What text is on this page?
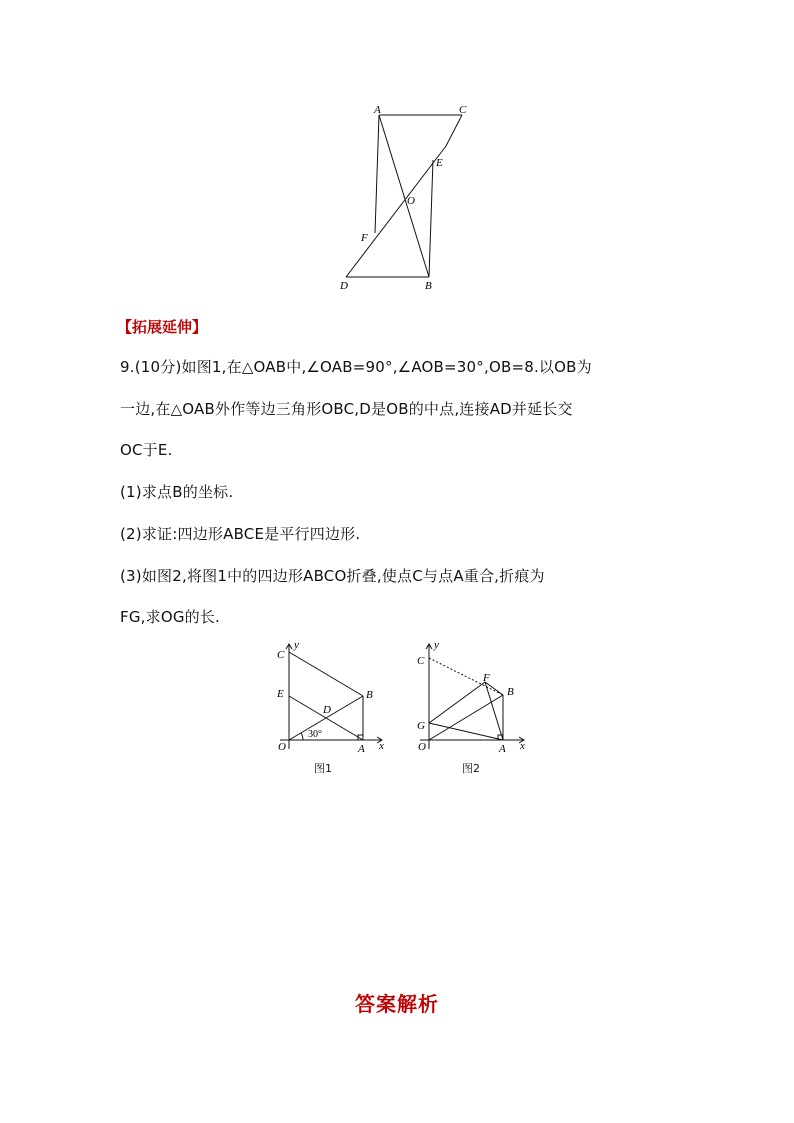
A	C
E
O
F
D	B
【拓展延伸】
9.(10分)如图1,在△OAB中,∠OAB=90°,∠AOB=30°,OB=8.以OB为
一边,在△OAB外作等边三角形OBC,D是OB的中点,连接AD并延长交
OC于E.
(1)求点B的坐标.
(2)求证:四边形ABCE是平行四边形.
(3)如图2,将图1中的四边形ABCO折叠,使点C与点A重合,折痕为
FG,求OG的长.
y
C
E
D
B
O
30°
A x
图1
y
C
F
B
G
O	A x
图2
答案解析
